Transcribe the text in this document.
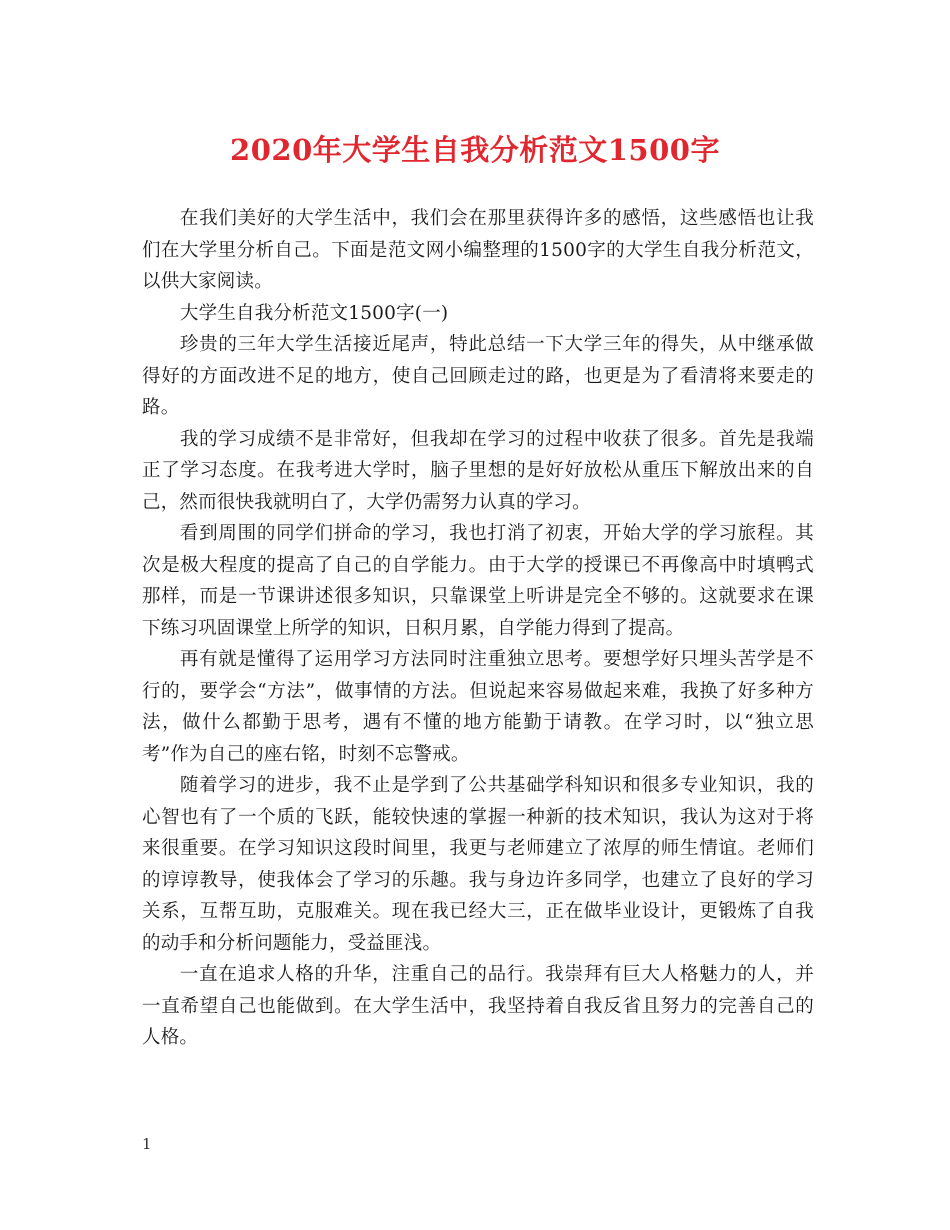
2020年大学生自我分析范文1500字

在我们美好的大学生活中，我们会在那里获得许多的感悟，这些感悟也让我们在大学里分析自己。下面是范文网小编整理的1500字的大学生自我分析范文，以供大家阅读。

大学生自我分析范文1500字(一)

珍贵的三年大学生活接近尾声，特此总结一下大学三年的得失，从中继承做得好的方面改进不足的地方，使自己回顾走过的路，也更是为了看清将来要走的路。

我的学习成绩不是非常好，但我却在学习的过程中收获了很多。首先是我端正了学习态度。在我考进大学时，脑子里想的是好好放松从重压下解放出来的自己，然而很快我就明白了，大学仍需努力认真的学习。

看到周围的同学们拼命的学习，我也打消了初衷，开始大学的学习旅程。其次是极大程度的提高了自己的自学能力。由于大学的授课已不再像高中时填鸭式那样，而是一节课讲述很多知识，只靠课堂上听讲是完全不够的。这就要求在课下练习巩固课堂上所学的知识，日积月累，自学能力得到了提高。

再有就是懂得了运用学习方法同时注重独立思考。要想学好只埋头苦学是不行的，要学会“方法”，做事情的方法。但说起来容易做起来难，我换了好多种方法，做什么都勤于思考，遇有不懂的地方能勤于请教。在学习时，以“独立思考”作为自己的座右铭，时刻不忘警戒。

随着学习的进步，我不止是学到了公共基础学科知识和很多专业知识，我的心智也有了一个质的飞跃，能较快速的掌握一种新的技术知识，我认为这对于将来很重要。在学习知识这段时间里，我更与老师建立了浓厚的师生情谊。老师们的谆谆教导，使我体会了学习的乐趣。我与身边许多同学，也建立了良好的学习关系，互帮互助，克服难关。现在我已经大三，正在做毕业设计，更锻炼了自我的动手和分析问题能力，受益匪浅。

一直在追求人格的升华，注重自己的品行。我崇拜有巨大人格魅力的人，并一直希望自己也能做到。在大学生活中，我坚持着自我反省且努力的完善自己的人格。

1
